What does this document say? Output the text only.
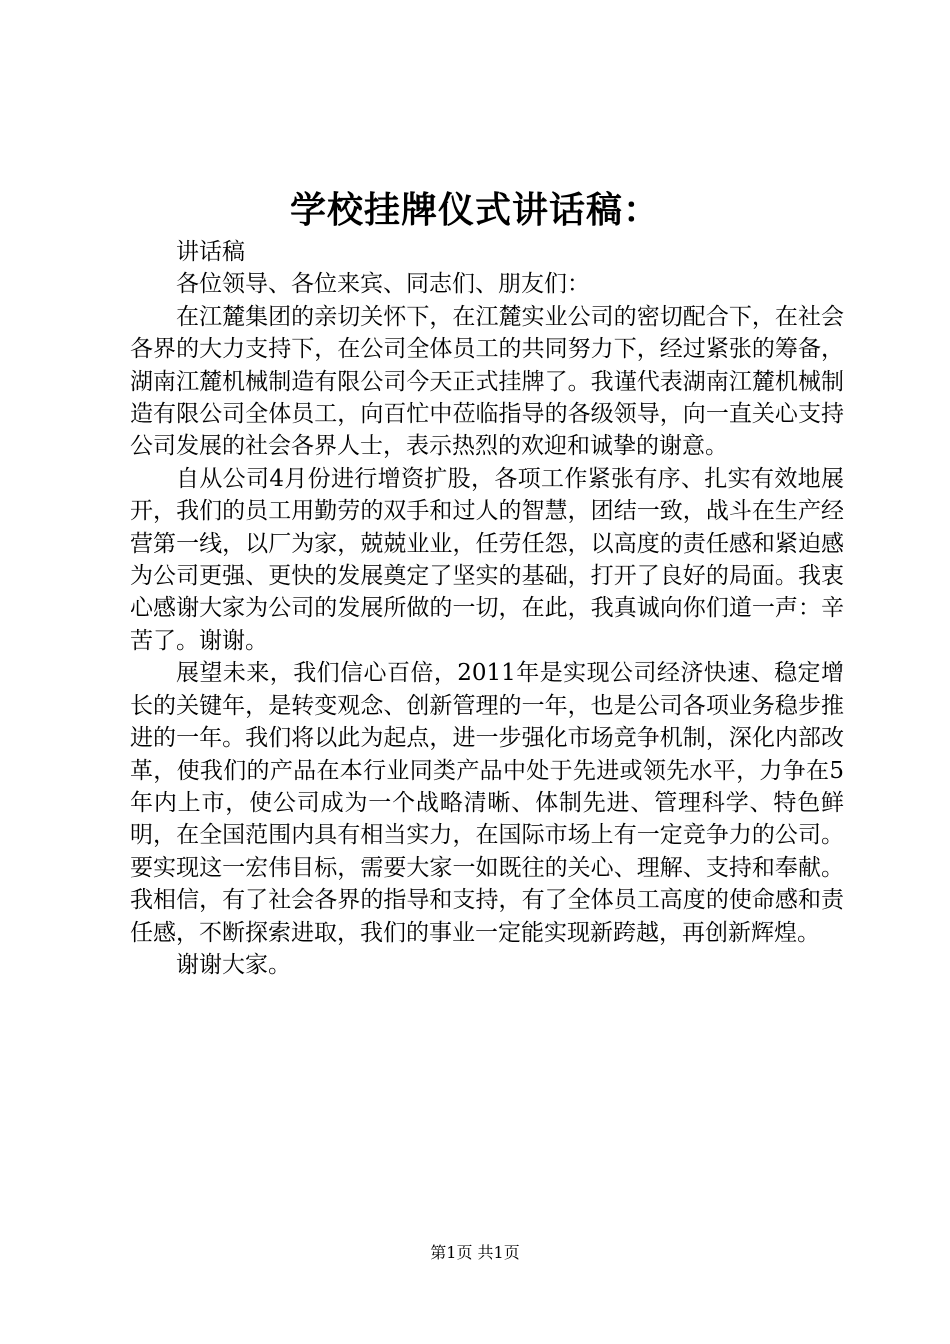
学校挂牌仪式讲话稿：

讲话稿

各位领导、各位来宾、同志们、朋友们：

在江麓集团的亲切关怀下，在江麓实业公司的密切配合下，在社会各界的大力支持下，在公司全体员工的共同努力下，经过紧张的筹备，湖南江麓机械制造有限公司今天正式挂牌了。我谨代表湖南江麓机械制造有限公司全体员工，向百忙中莅临指导的各级领导，向一直关心支持公司发展的社会各界人士，表示热烈的欢迎和诚挚的谢意。

自从公司4月份进行增资扩股，各项工作紧张有序、扎实有效地展开，我们的员工用勤劳的双手和过人的智慧，团结一致，战斗在生产经营第一线，以厂为家，兢兢业业，任劳任怨，以高度的责任感和紧迫感为公司更强、更快的发展奠定了坚实的基础，打开了良好的局面。我衷心感谢大家为公司的发展所做的一切，在此，我真诚向你们道一声：辛苦了。谢谢。

展望未来，我们信心百倍，2011年是实现公司经济快速、稳定增长的关键年，是转变观念、创新管理的一年，也是公司各项业务稳步推进的一年。我们将以此为起点，进一步强化市场竞争机制，深化内部改革，使我们的产品在本行业同类产品中处于先进或领先水平，力争在5年内上市，使公司成为一个战略清晰、体制先进、管理科学、特色鲜明，在全国范围内具有相当实力，在国际市场上有一定竞争力的公司。要实现这一宏伟目标，需要大家一如既往的关心、理解、支持和奉献。我相信，有了社会各界的指导和支持，有了全体员工高度的使命感和责任感，不断探索进取，我们的事业一定能实现新跨越，再创新辉煌。

谢谢大家。

第1页 共1页
